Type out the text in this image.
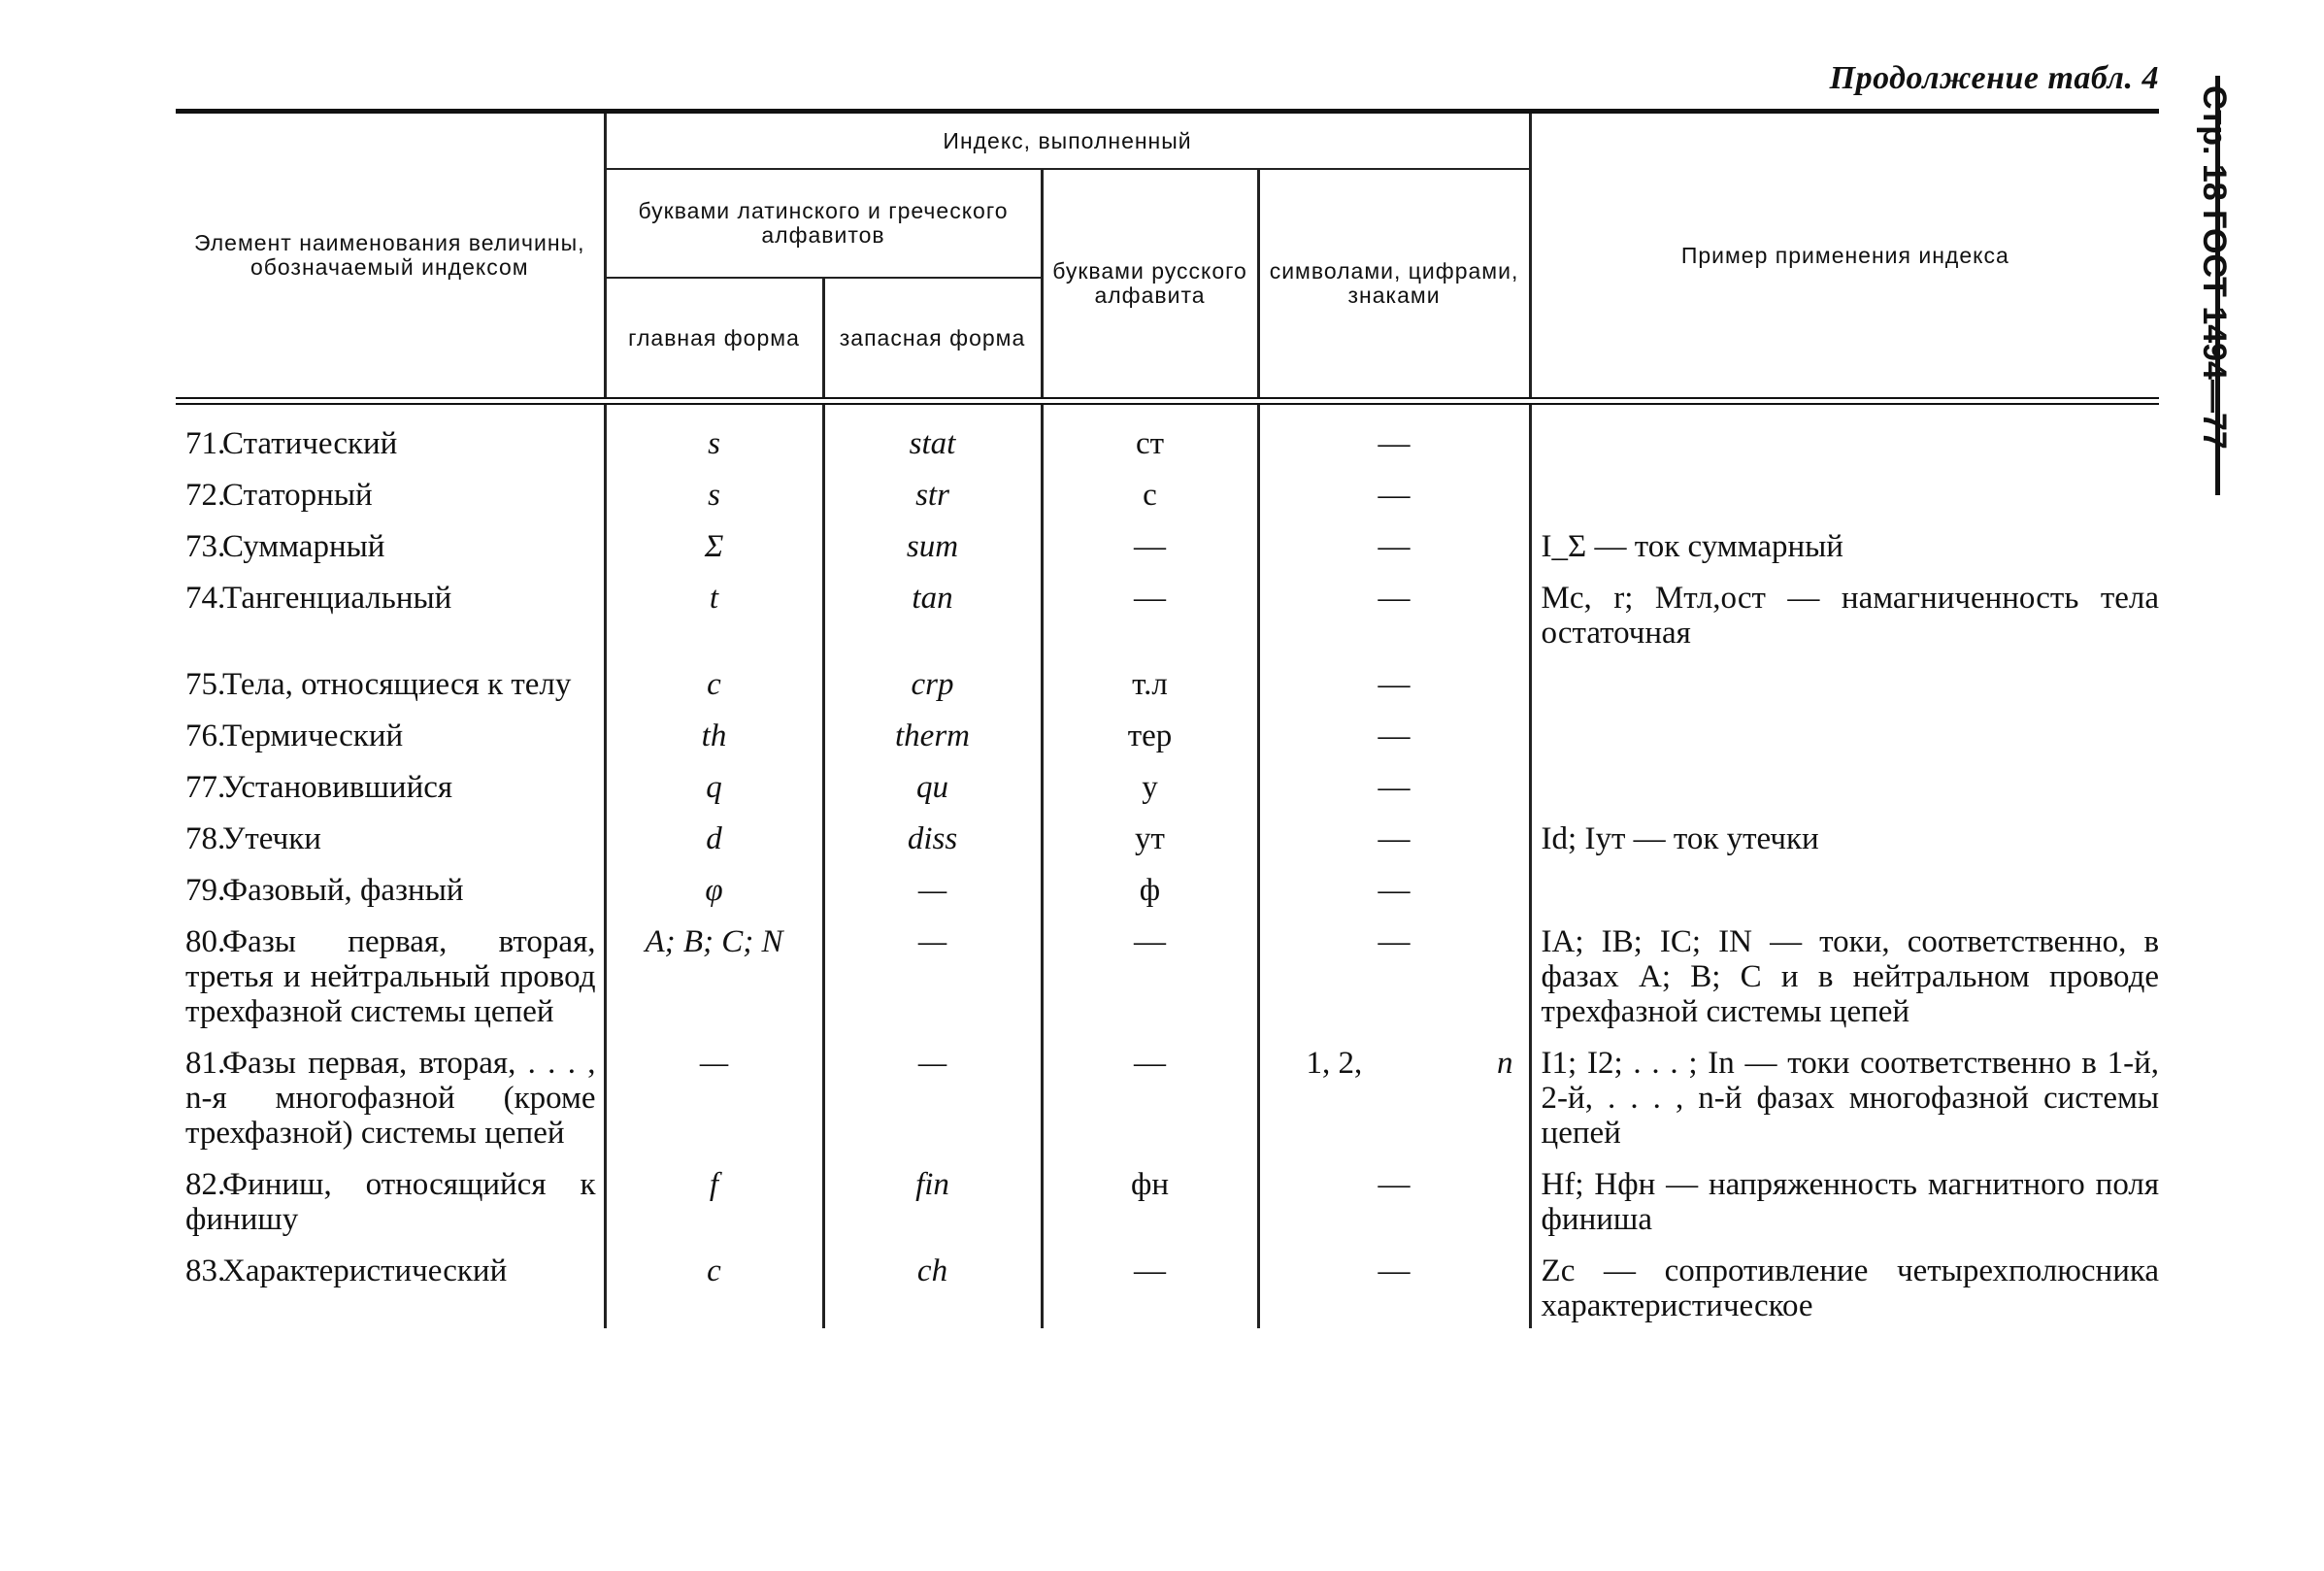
Продолжение табл. 4
Стр. 18 ГОСТ 1494—77
Элемент наименования величины, обозначаемый индексом	Индекс, выполненный				Пример применения индекса
	буквами латинского и греческого алфавитов		буквами русского алфавита	символами, цифрами, знаками	
	главная форма	запасная форма			

71.Статический	s	stat	ст	—	
72.Статорный	s	str	с	—	
73.Суммарный	Σ	sum	—	—	I_Σ — ток суммарный
74.Тангенциальный	t	tan	—	—	Mc, r; Mтл,ост — намагниченность тела остаточная
75.Тела, относящиеся к телу	c	crp	т.л	—	
76.Термический	th	therm	тер	—	
77.Установившийся	q	qu	у	—	
78.Утечки	d	diss	ут	—	Id; Iут — ток утечки
79.Фазовый, фазный	φ	—	ф	—	
80.Фазы первая, вторая, третья и нейтральный провод трехфазной системы цепей	A; B; C; N	—	—	—	IA; IB; IC; IN — токи, соответственно, в фазах A; B; C и в нейтральном проводе трехфазной системы цепей
81.Фазы первая, вторая, . . . , n-я многофазной (кроме трехфазной) системы цепей	—	—	—	1, 2, n	I1; I2; . . . ; In — токи соответственно в 1-й, 2-й, . . . , n-й фазах многофазной системы цепей
82.Финиш, относящийся к финишу	f	fin	фн	—	Hf; Hфн — напряженность магнитного поля финиша
83.Характеристический	c	ch	—	—	Zc — сопротивление четырехполюсника характеристическое
